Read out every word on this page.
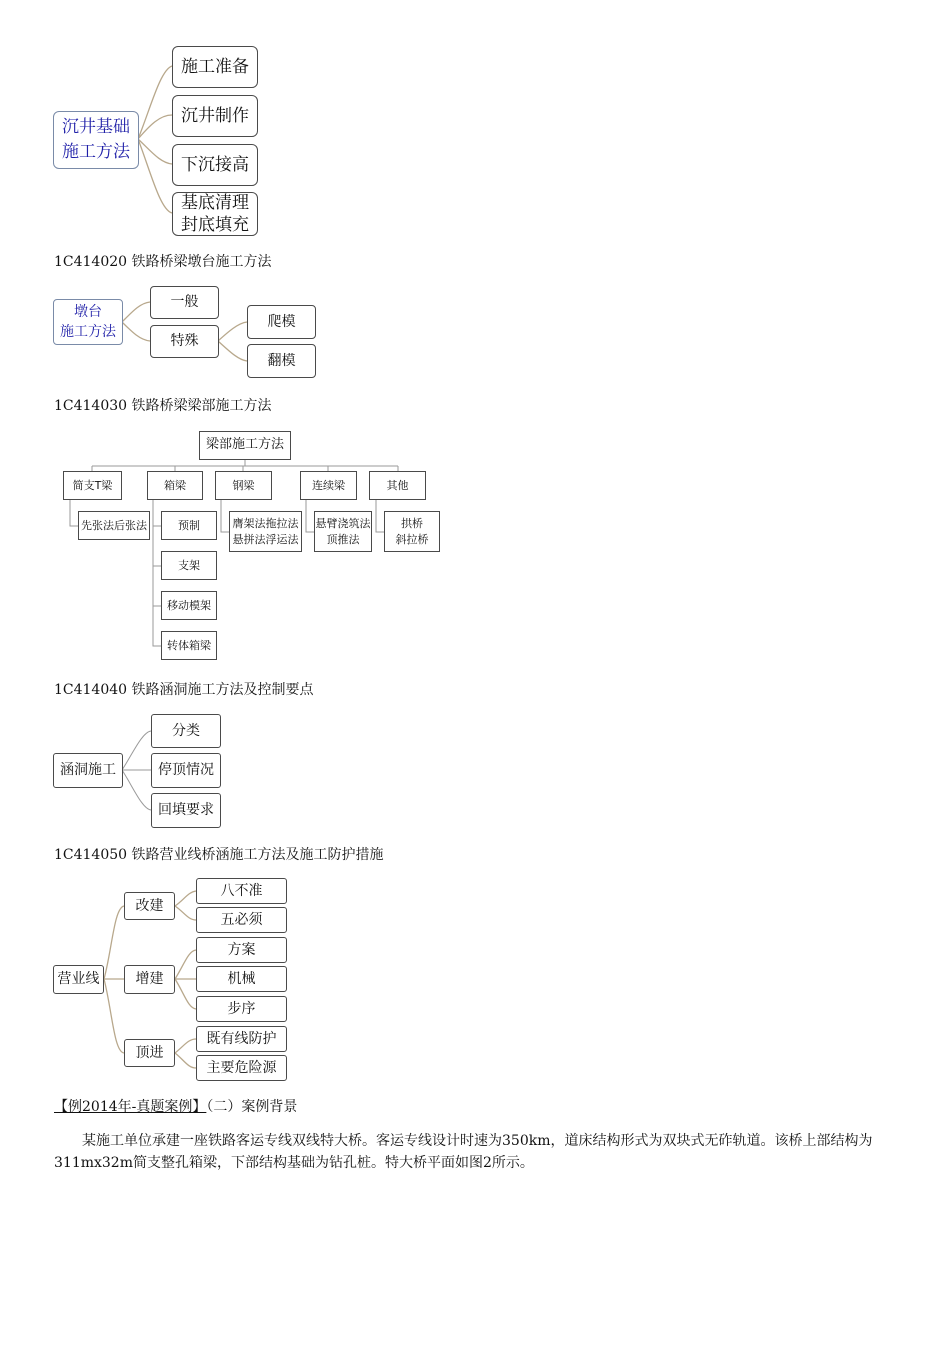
沉井基础
施工方法
施工准备
沉井制作
下沉接高
基底清理
封底填充
1C414020 铁路桥梁墩台施工方法
墩台
施工方法
一般
特殊
爬模
翻模
1C414030 铁路桥梁梁部施工方法
梁部施工方法
简支T梁	箱梁	钢梁	连续梁	其他
先张法后张法	预制
支架
移动模架
转体箱梁
膺架法拖拉法
悬拼法浮运法
悬臂浇筑法
顶推法
拱桥
斜拉桥
1C414040 铁路涵洞施工方法及控制要点
涵洞施工
分类
停顶情况
回填要求
1C414050 铁路营业线桥涵施工方法及施工防护措施
营业线
改建
增建
顶进
八不准
五必须
方案
机械
步序
既有线防护
主要危险源
【例2014年-真题案例】（二）案例背景
某施工单位承建一座铁路客运专线双线特大桥。客运专线设计时速为350km，道床结构形式为双块式无砟轨道。该桥上部结构为311mx32m简支整孔箱梁，下部结构基础为钻孔桩。特大桥平面如图2所示。
